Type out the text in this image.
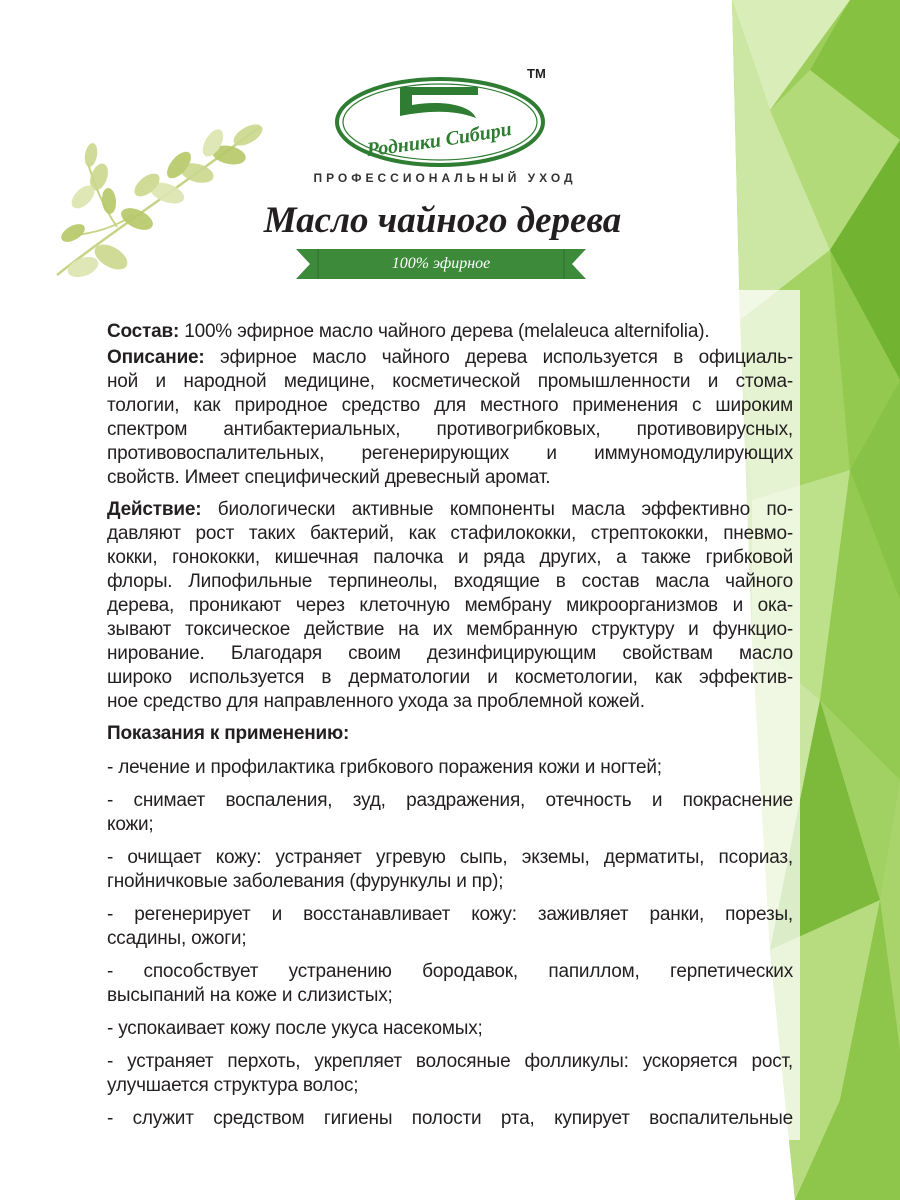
Родники Сибири
TM
ПРОФЕССИОНАЛЬНЫЙ УХОД
Масло чайного дерева
100% эфирное
Состав: 100% эфирное масло чайного дерева (melaleuca alternifolia).
Описание: эфирное масло чайного дерева используется в официаль-
ной и народной медицине, косметической промышленности и стома-
тологии, как природное средство для местного применения с широким
спектром антибактериальных, противогрибковых, противовирусных,
противовоспалительных, регенерирующих и иммуномодулирующих
свойств. Имеет специфический древесный аромат.
Действие: биологически активные компоненты масла эффективно по-
давляют рост таких бактерий, как стафилококки, стрептококки, пневмо-
кокки, гонококки, кишечная палочка и ряда других, а также грибковой
флоры. Липофильные терпинеолы, входящие в состав масла чайного
дерева, проникают через клеточную мембрану микроорганизмов и ока-
зывают токсическое действие на их мембранную структуру и функцио-
нирование. Благодаря своим дезинфицирующим свойствам масло
широко используется в дерматологии и косметологии, как эффектив-
ное средство для направленного ухода за проблемной кожей.
Показания к применению:
- лечение и профилактика грибкового поражения кожи и ногтей;
- снимает воспаления, зуд, раздражения, отечность и покраснение
кожи;
- очищает кожу: устраняет угревую сыпь, экземы, дерматиты, псориаз,
гнойничковые заболевания (фурункулы и пр);
- регенерирует и восстанавливает кожу: заживляет ранки, порезы,
ссадины, ожоги;
- способствует устранению бородавок, папиллом, герпетических
высыпаний на коже и слизистых;
- успокаивает кожу после укуса насекомых;
- устраняет перхоть, укрепляет волосяные фолликулы: ускоряется рост,
улучшается структура волос;
- служит средством гигиены полости рта, купирует воспалительные
